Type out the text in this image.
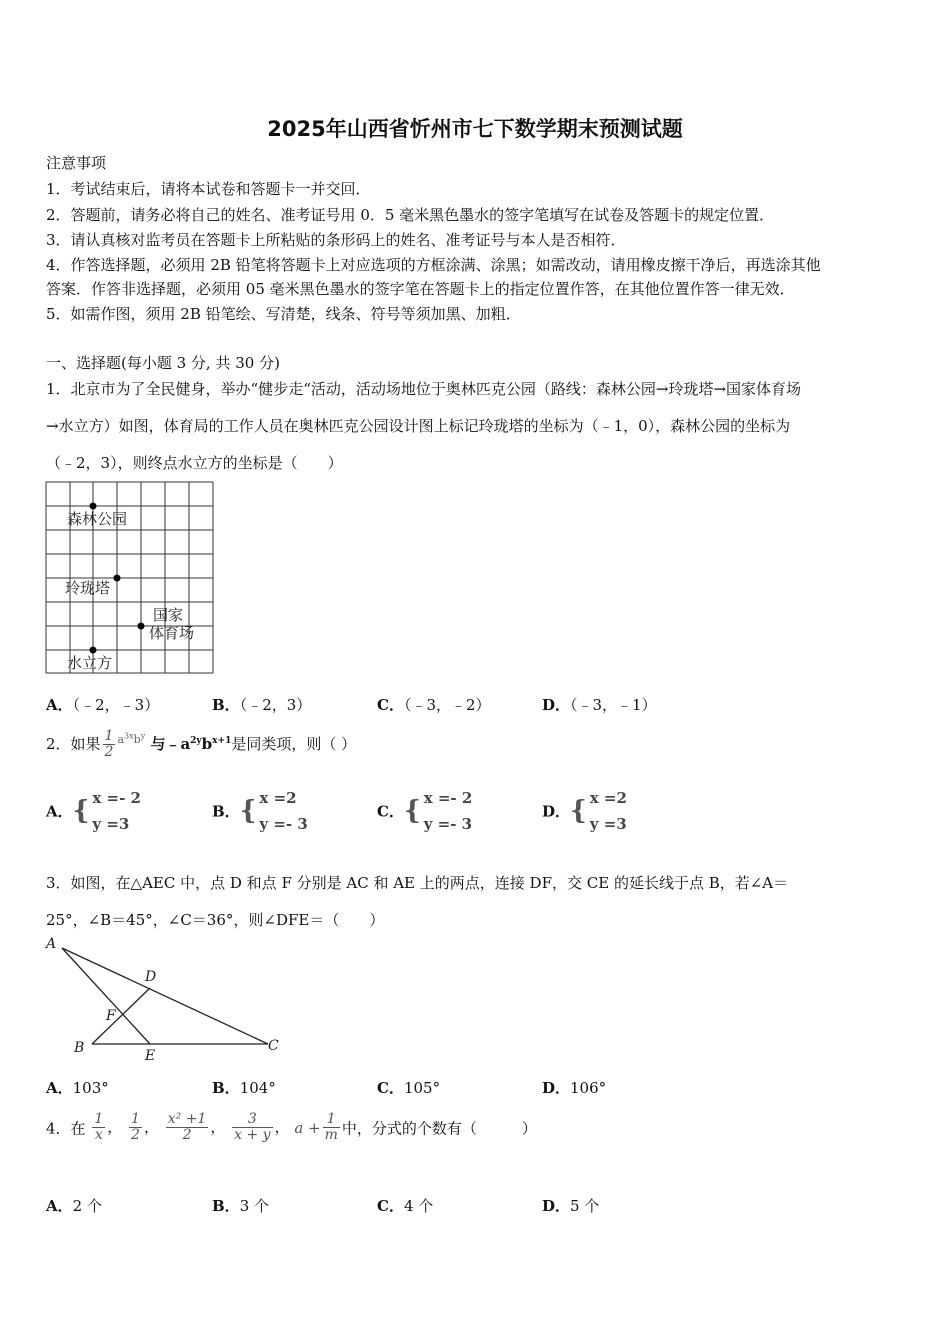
2025年山西省忻州市七下数学期末预测试题
注意事项
1．考试结束后，请将本试卷和答题卡一并交回．
2．答题前，请务必将自己的姓名、准考证号用 0．5 毫米黑色墨水的签字笔填写在试卷及答题卡的规定位置．
3．请认真核对监考员在答题卡上所粘贴的条形码上的姓名、准考证号与本人是否相符．
4．作答选择题，必须用 2B 铅笔将答题卡上对应选项的方框涂满、涂黑；如需改动，请用橡皮擦干净后，再选涂其他
答案．作答非选择题，必须用 05 毫米黑色墨水的签字笔在答题卡上的指定位置作答，在其他位置作答一律无效．
5．如需作图，须用 2B 铅笔绘、写清楚，线条、符号等须加黑、加粗．
一、选择题(每小题 3 分, 共 30 分)
1．北京市为了全民健身，举办“健步走“活动，活动场地位于奥林匹克公园（路线：森林公园→玲珑塔→国家体育场
→水立方）如图，体育局的工作人员在奥林匹克公园设计图上标记玲珑塔的坐标为（﹣1，0），森林公园的坐标为
（﹣2，3），则终点水立方的坐标是（　　）
森林公园
玲珑塔
国家
体育场
水立方
A．（﹣2，﹣3）	B．（﹣2，3）	C．（﹣3，﹣2）	D．（﹣3，﹣1）
2．如果 $\frac{1}{2} ^{a^{3x}b^y}$ 与$﹣a^{2y}b^{x+1}$是同类项，则（ ）
A．{ x =- 2
y =3
B．{ x =2
y =- 3
C．{ x =- 2
y =- 3
D．{ x =2
y =3
3．如图，在△AEC 中，点 D 和点 F 分别是 AC 和 AE 上的两点，连接 DF，交 CE 的延长线于点 B，若∠A＝
25°，∠B＝45°，∠C＝36°，则∠DFE＝（　　）
A
D
F
B	E
C
A．103°	B．104°	C．105°	D．106°
4．在 $\frac{1}{x}$ ， $\frac{1}{2}$ ， $\frac{\text{x² +1}}{2}$ ， $\frac{3}{x + y}$ ， $a + \frac{1}{m}$ 中，分式的个数有（　　　）
A．2 个	B．3 个	C．4 个	D．5 个
